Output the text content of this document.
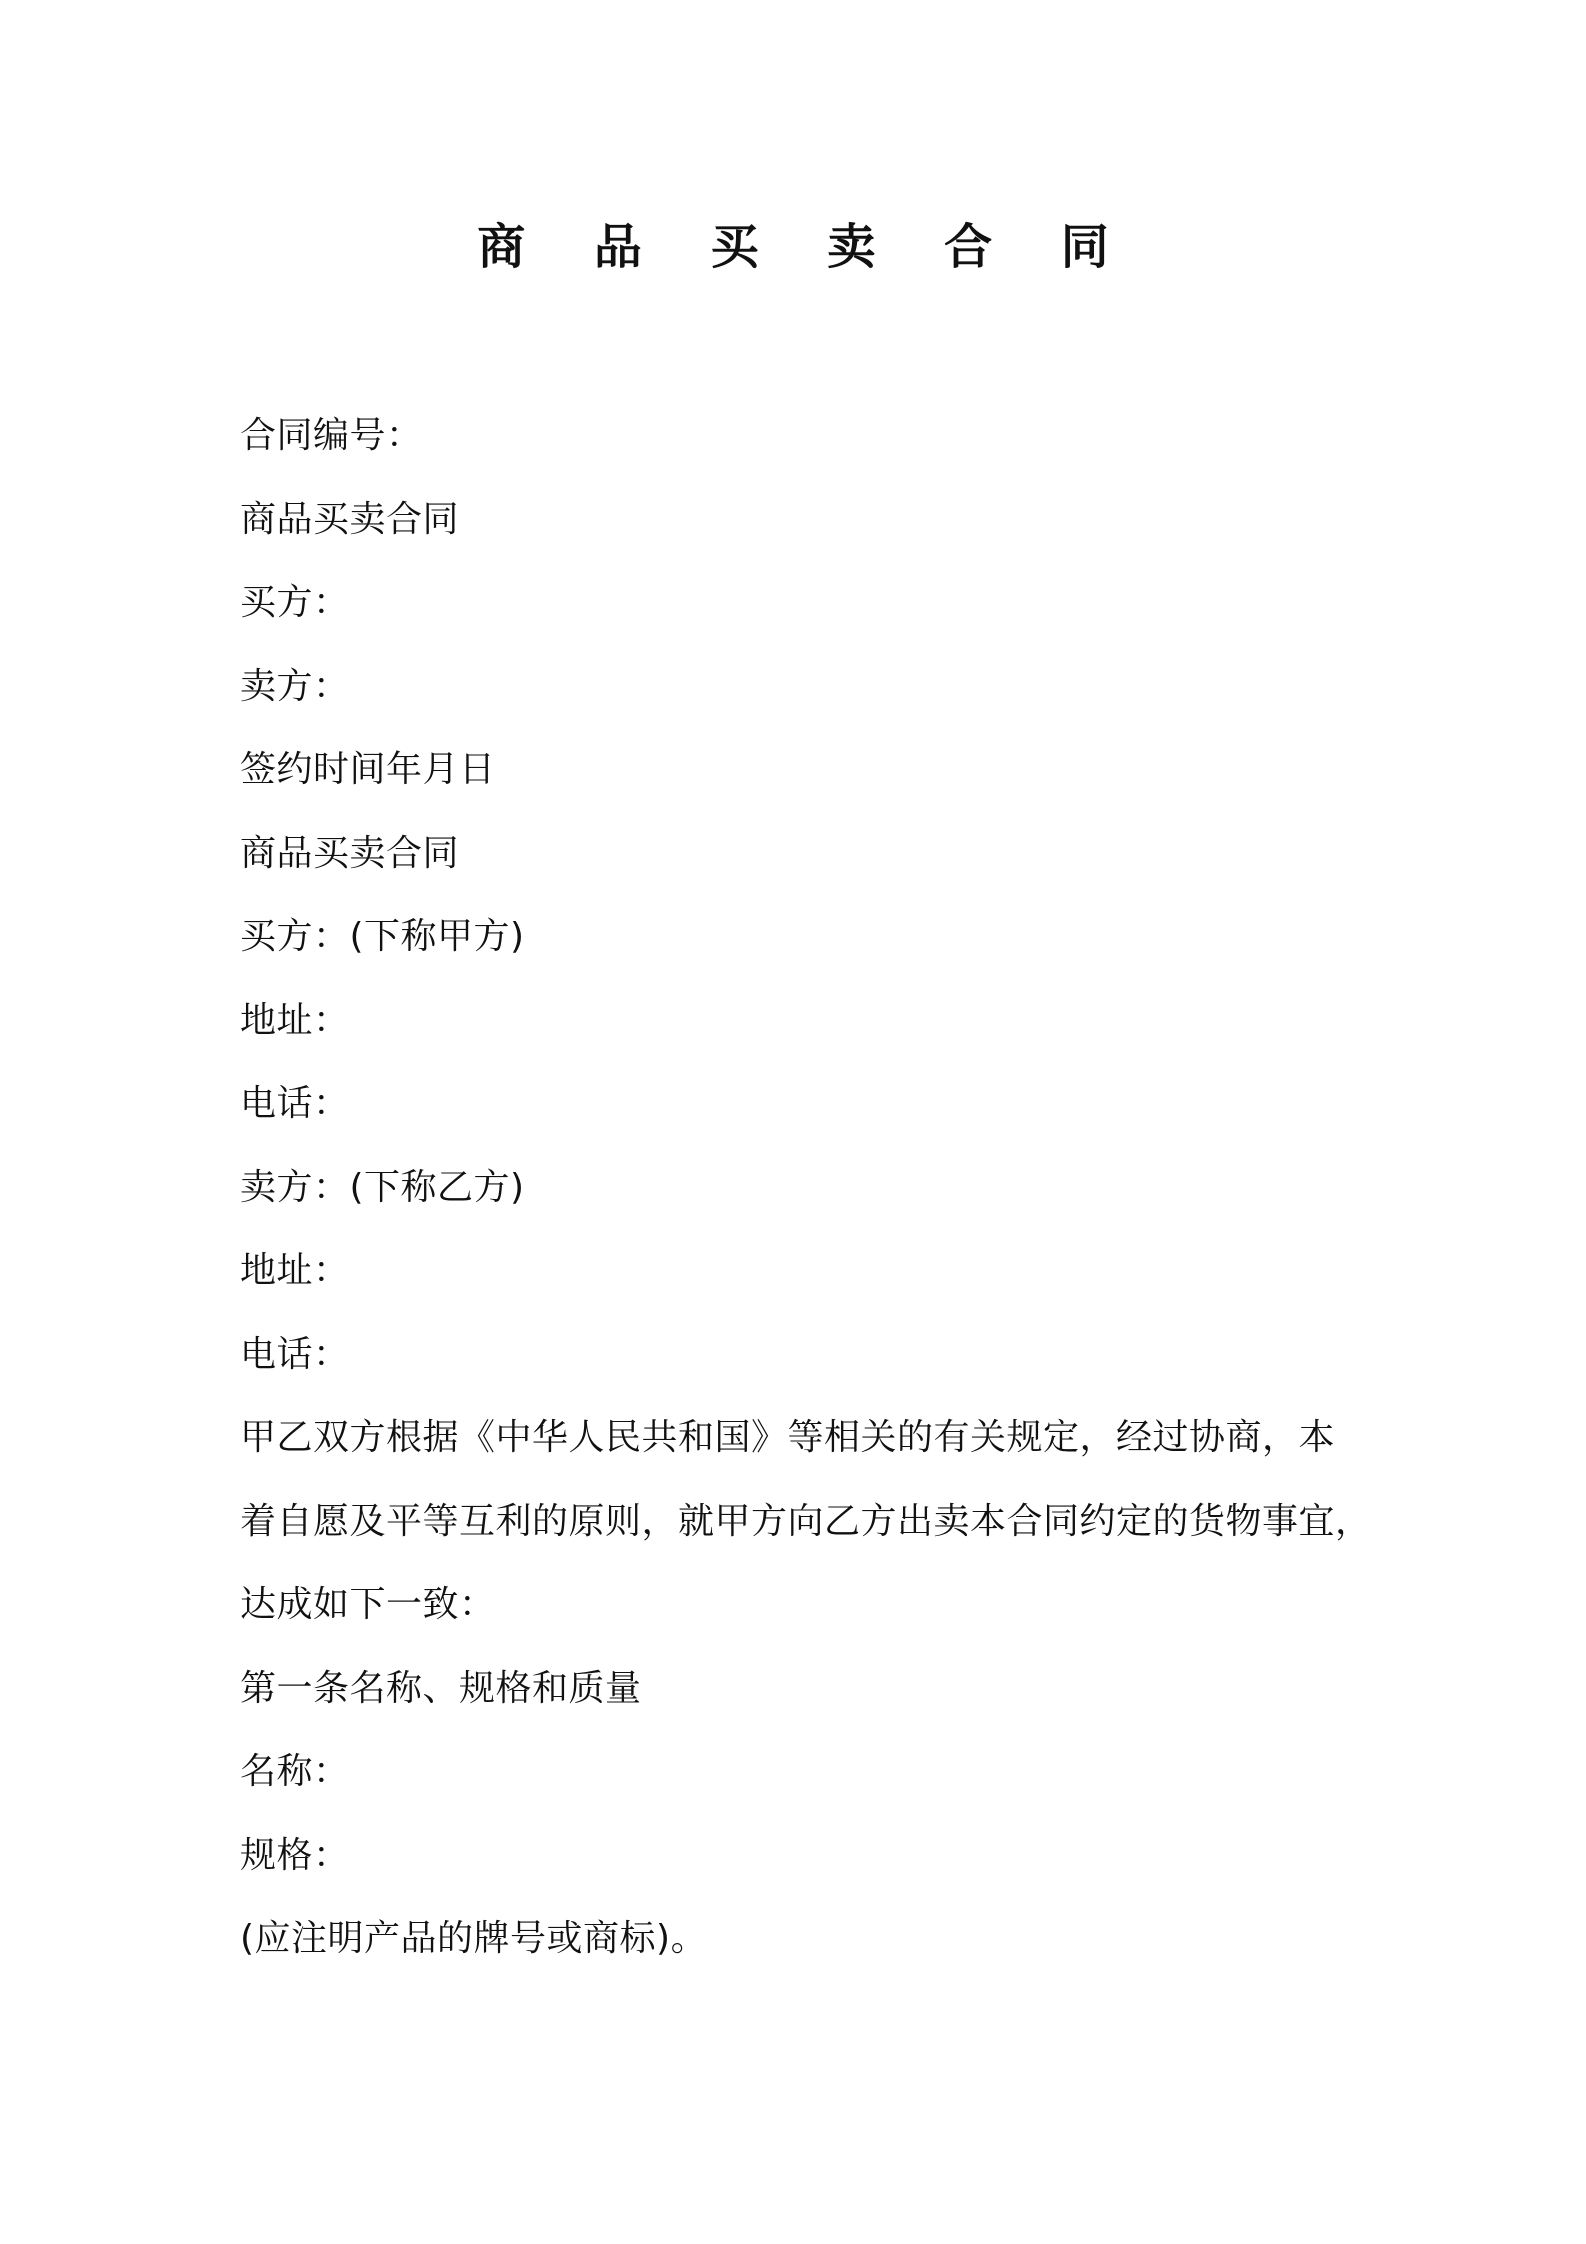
商 品 买 卖 合 同
合同编号：
商品买卖合同
买方：
卖方：
签约时间年月日
商品买卖合同
买方：(下称甲方)
地址：
电话：
卖方：(下称乙方)
地址：
电话：
甲乙双方根据《中华人民共和国》等相关的有关规定，经过协商，本
着自愿及平等互利的原则，就甲方向乙方出卖本合同约定的货物事宜，
达成如下一致：
第一条名称、规格和质量
名称：
规格：
(应注明产品的牌号或商标)。
